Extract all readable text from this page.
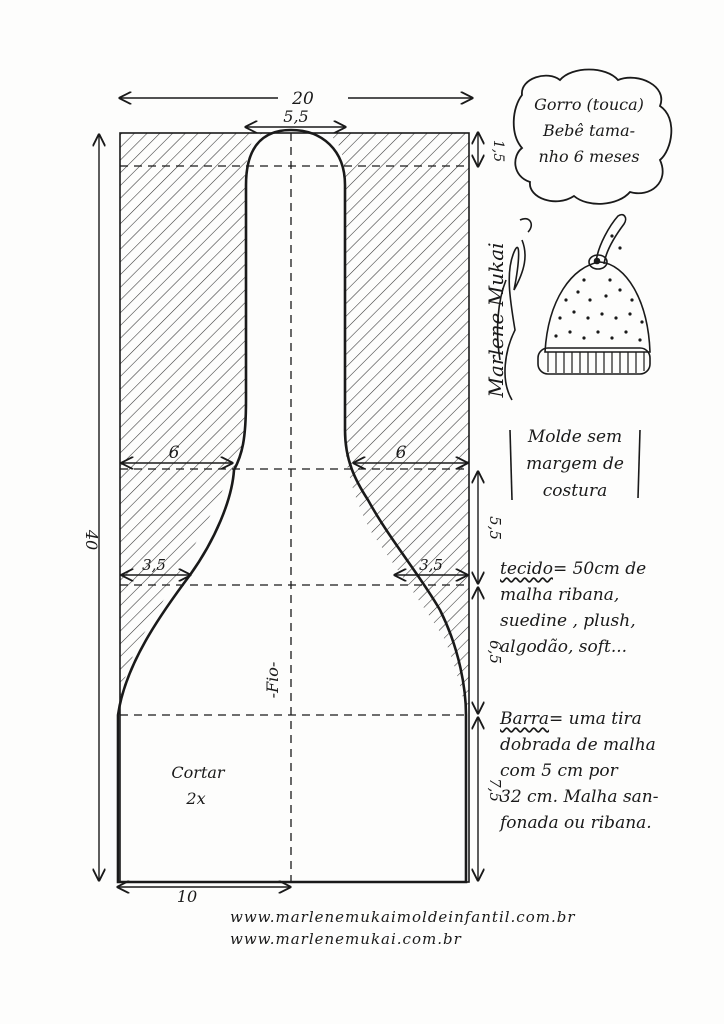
20
5,5
1,5
40
6	6
3,5	3,5
5,5
6,5
7,5
10
-Fio-
Cortar
2x
Marlene Mukai

Gorro (touca)

Bebê tama-

nho 6 meses

Molde sem

margem de

costura

tecido= 50cm de

malha ribana,

suedine , plush,

algodão, soft...

Barra= uma tira

dobrada de malha

com 5 cm por

32 cm. Malha san-

fonada ou ribana.

www.marlenemukaimoldeinfantil.com.br
www.marlenemukai.com.br
